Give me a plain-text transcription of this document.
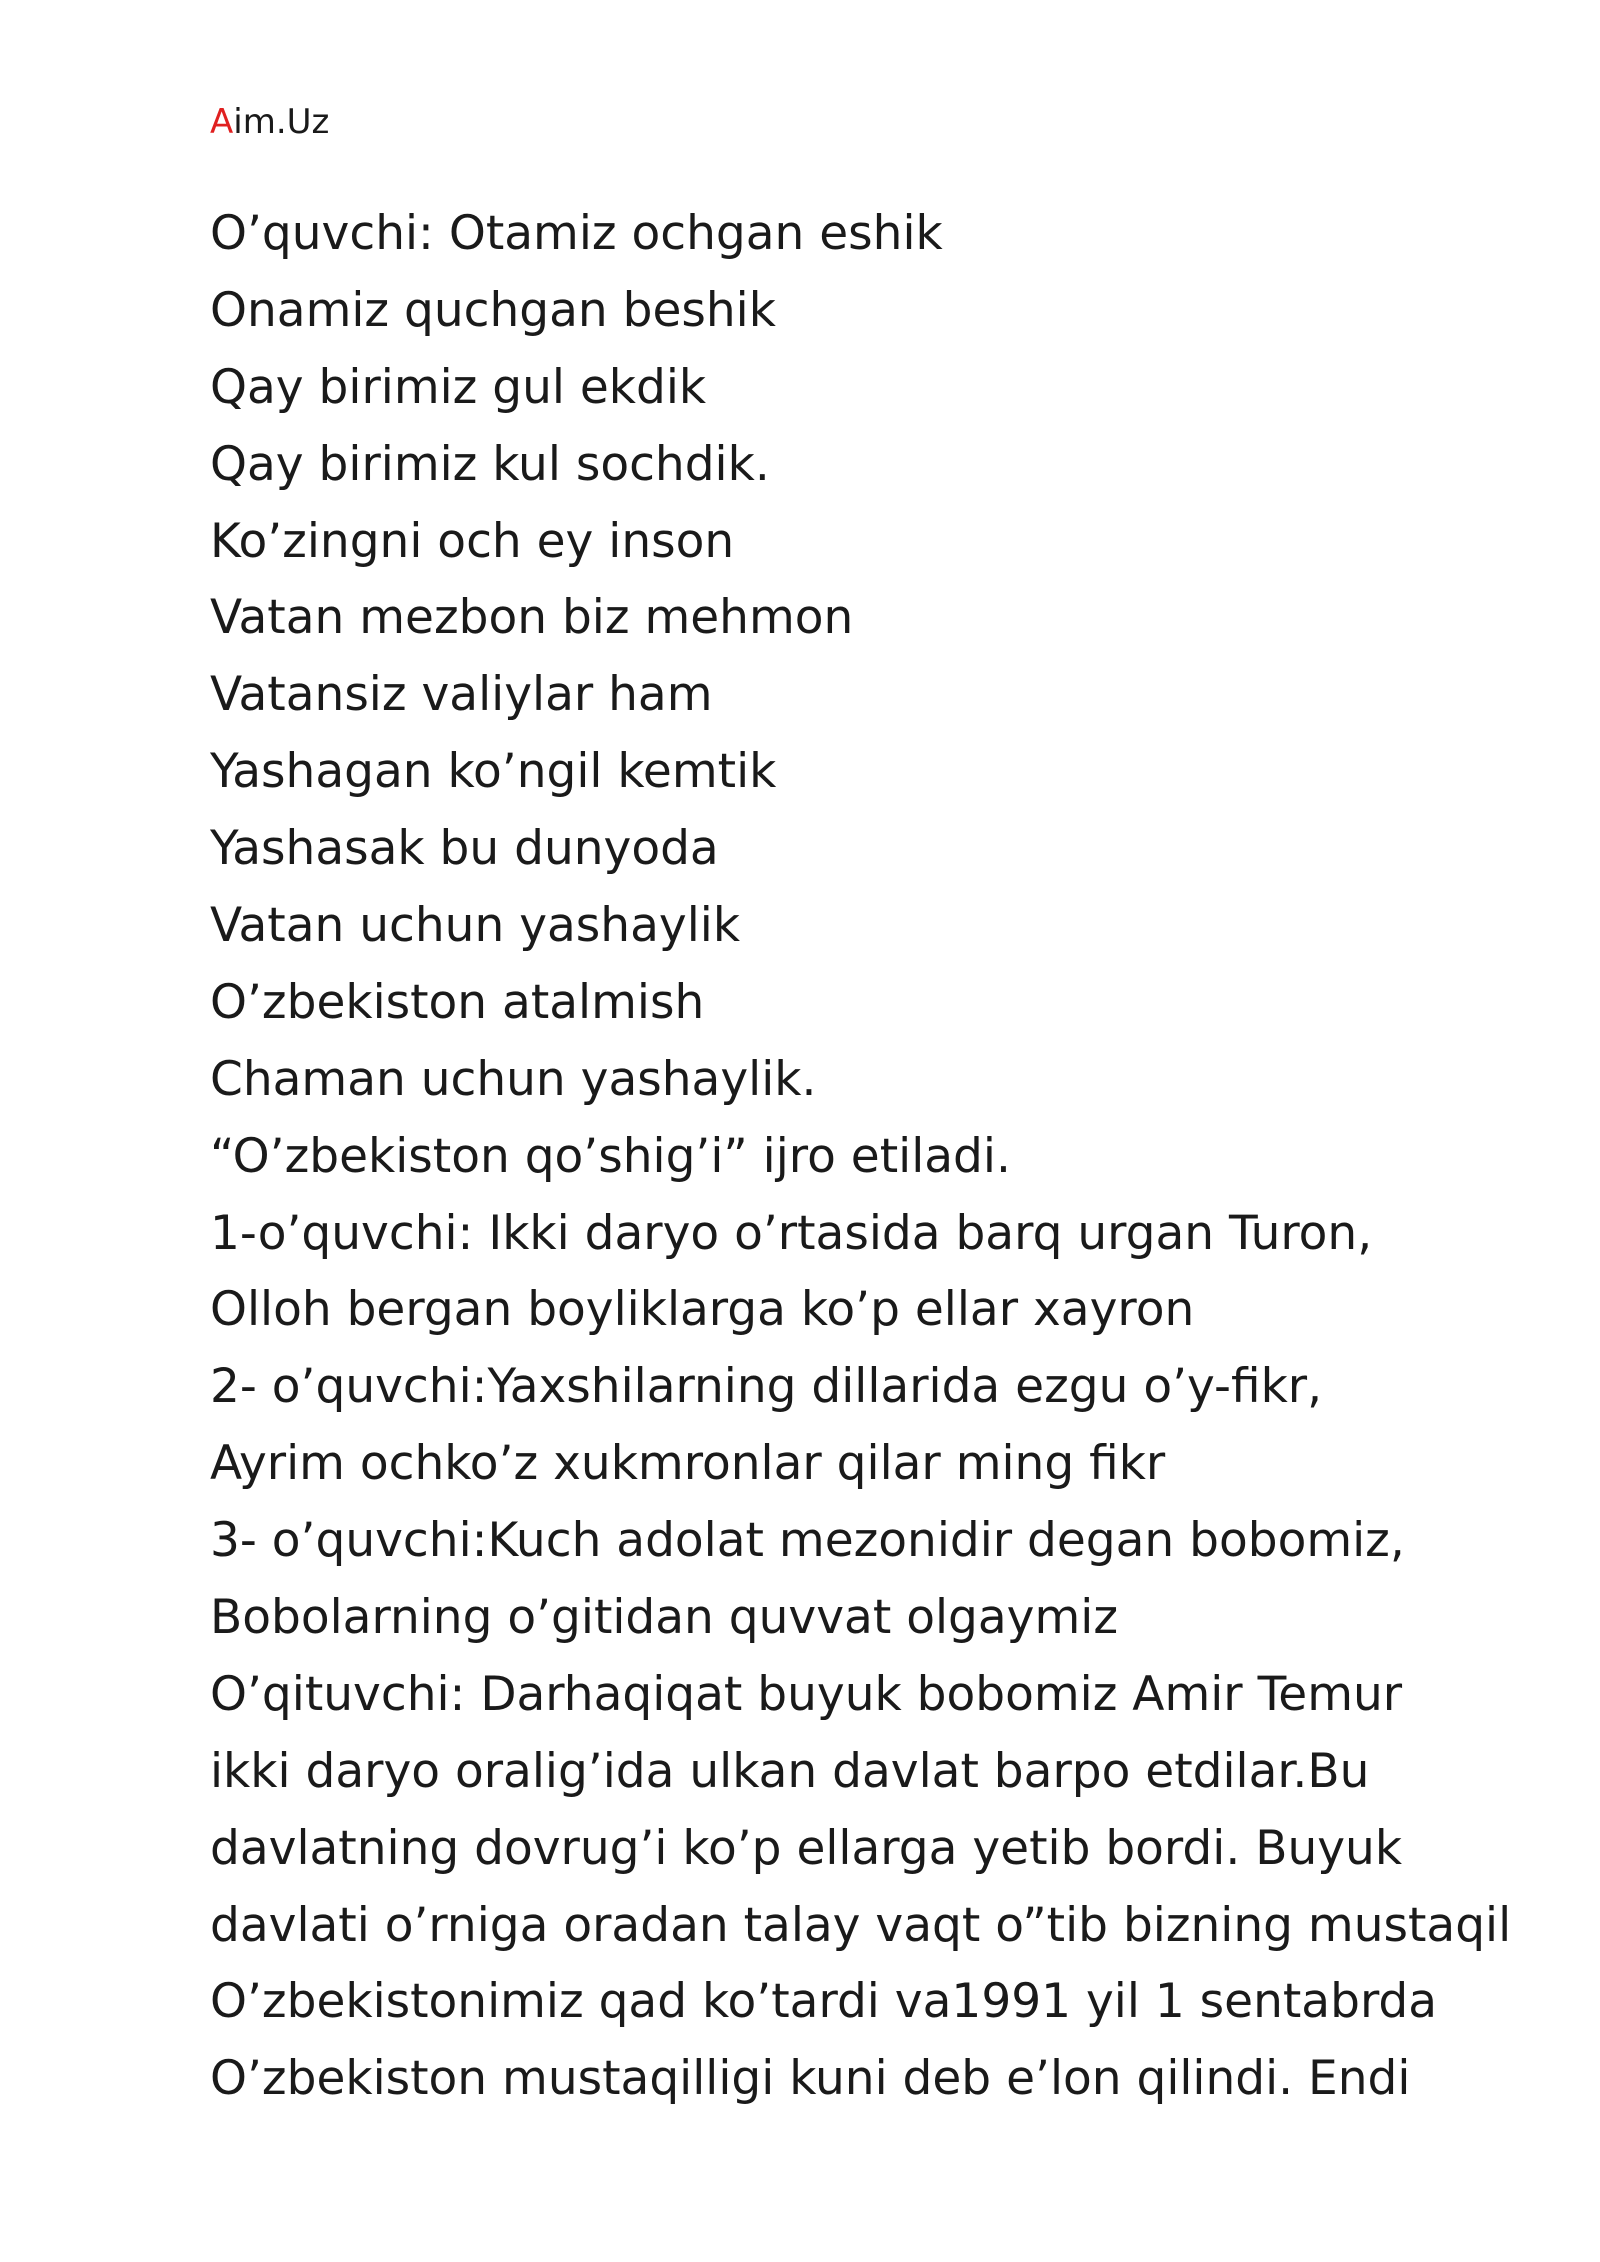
Aim.Uz
O’quvchi: Otamiz ochgan eshik
Onamiz quchgan beshik
Qay birimiz gul ekdik
Qay birimiz kul sochdik.
Ko’zingni och ey inson
Vatan mezbon biz mehmon
Vatansiz valiylar ham
Yashagan ko’ngil kemtik
Yashasak bu dunyoda
Vatan uchun yashaylik
O’zbekiston atalmish
Chaman uchun yashaylik.
“O’zbekiston qo’shig’i” ijro etiladi.
1-o’quvchi: Ikki daryo o’rtasida barq urgan Turon,
Olloh bergan boyliklarga ko’p ellar xayron
2- o’quvchi:Yaxshilarning dillarida ezgu o’y-fikr,
Ayrim ochko’z xukmronlar qilar ming fikr
3- o’quvchi:Kuch adolat mezonidir degan bobomiz,
Bobolarning o’gitidan quvvat olgaymiz
O’qituvchi: Darhaqiqat buyuk bobomiz Amir Temur
ikki daryo oralig’ida ulkan davlat barpo etdilar.Bu
davlatning dovrug’i ko’p ellarga yetib bordi. Buyuk
davlati o’rniga oradan talay vaqt o”tib bizning mustaqil
O’zbekistonimiz qad ko’tardi va1991 yil 1 sentabrda
O’zbekiston mustaqilligi kuni deb e’lon qilindi. Endi
